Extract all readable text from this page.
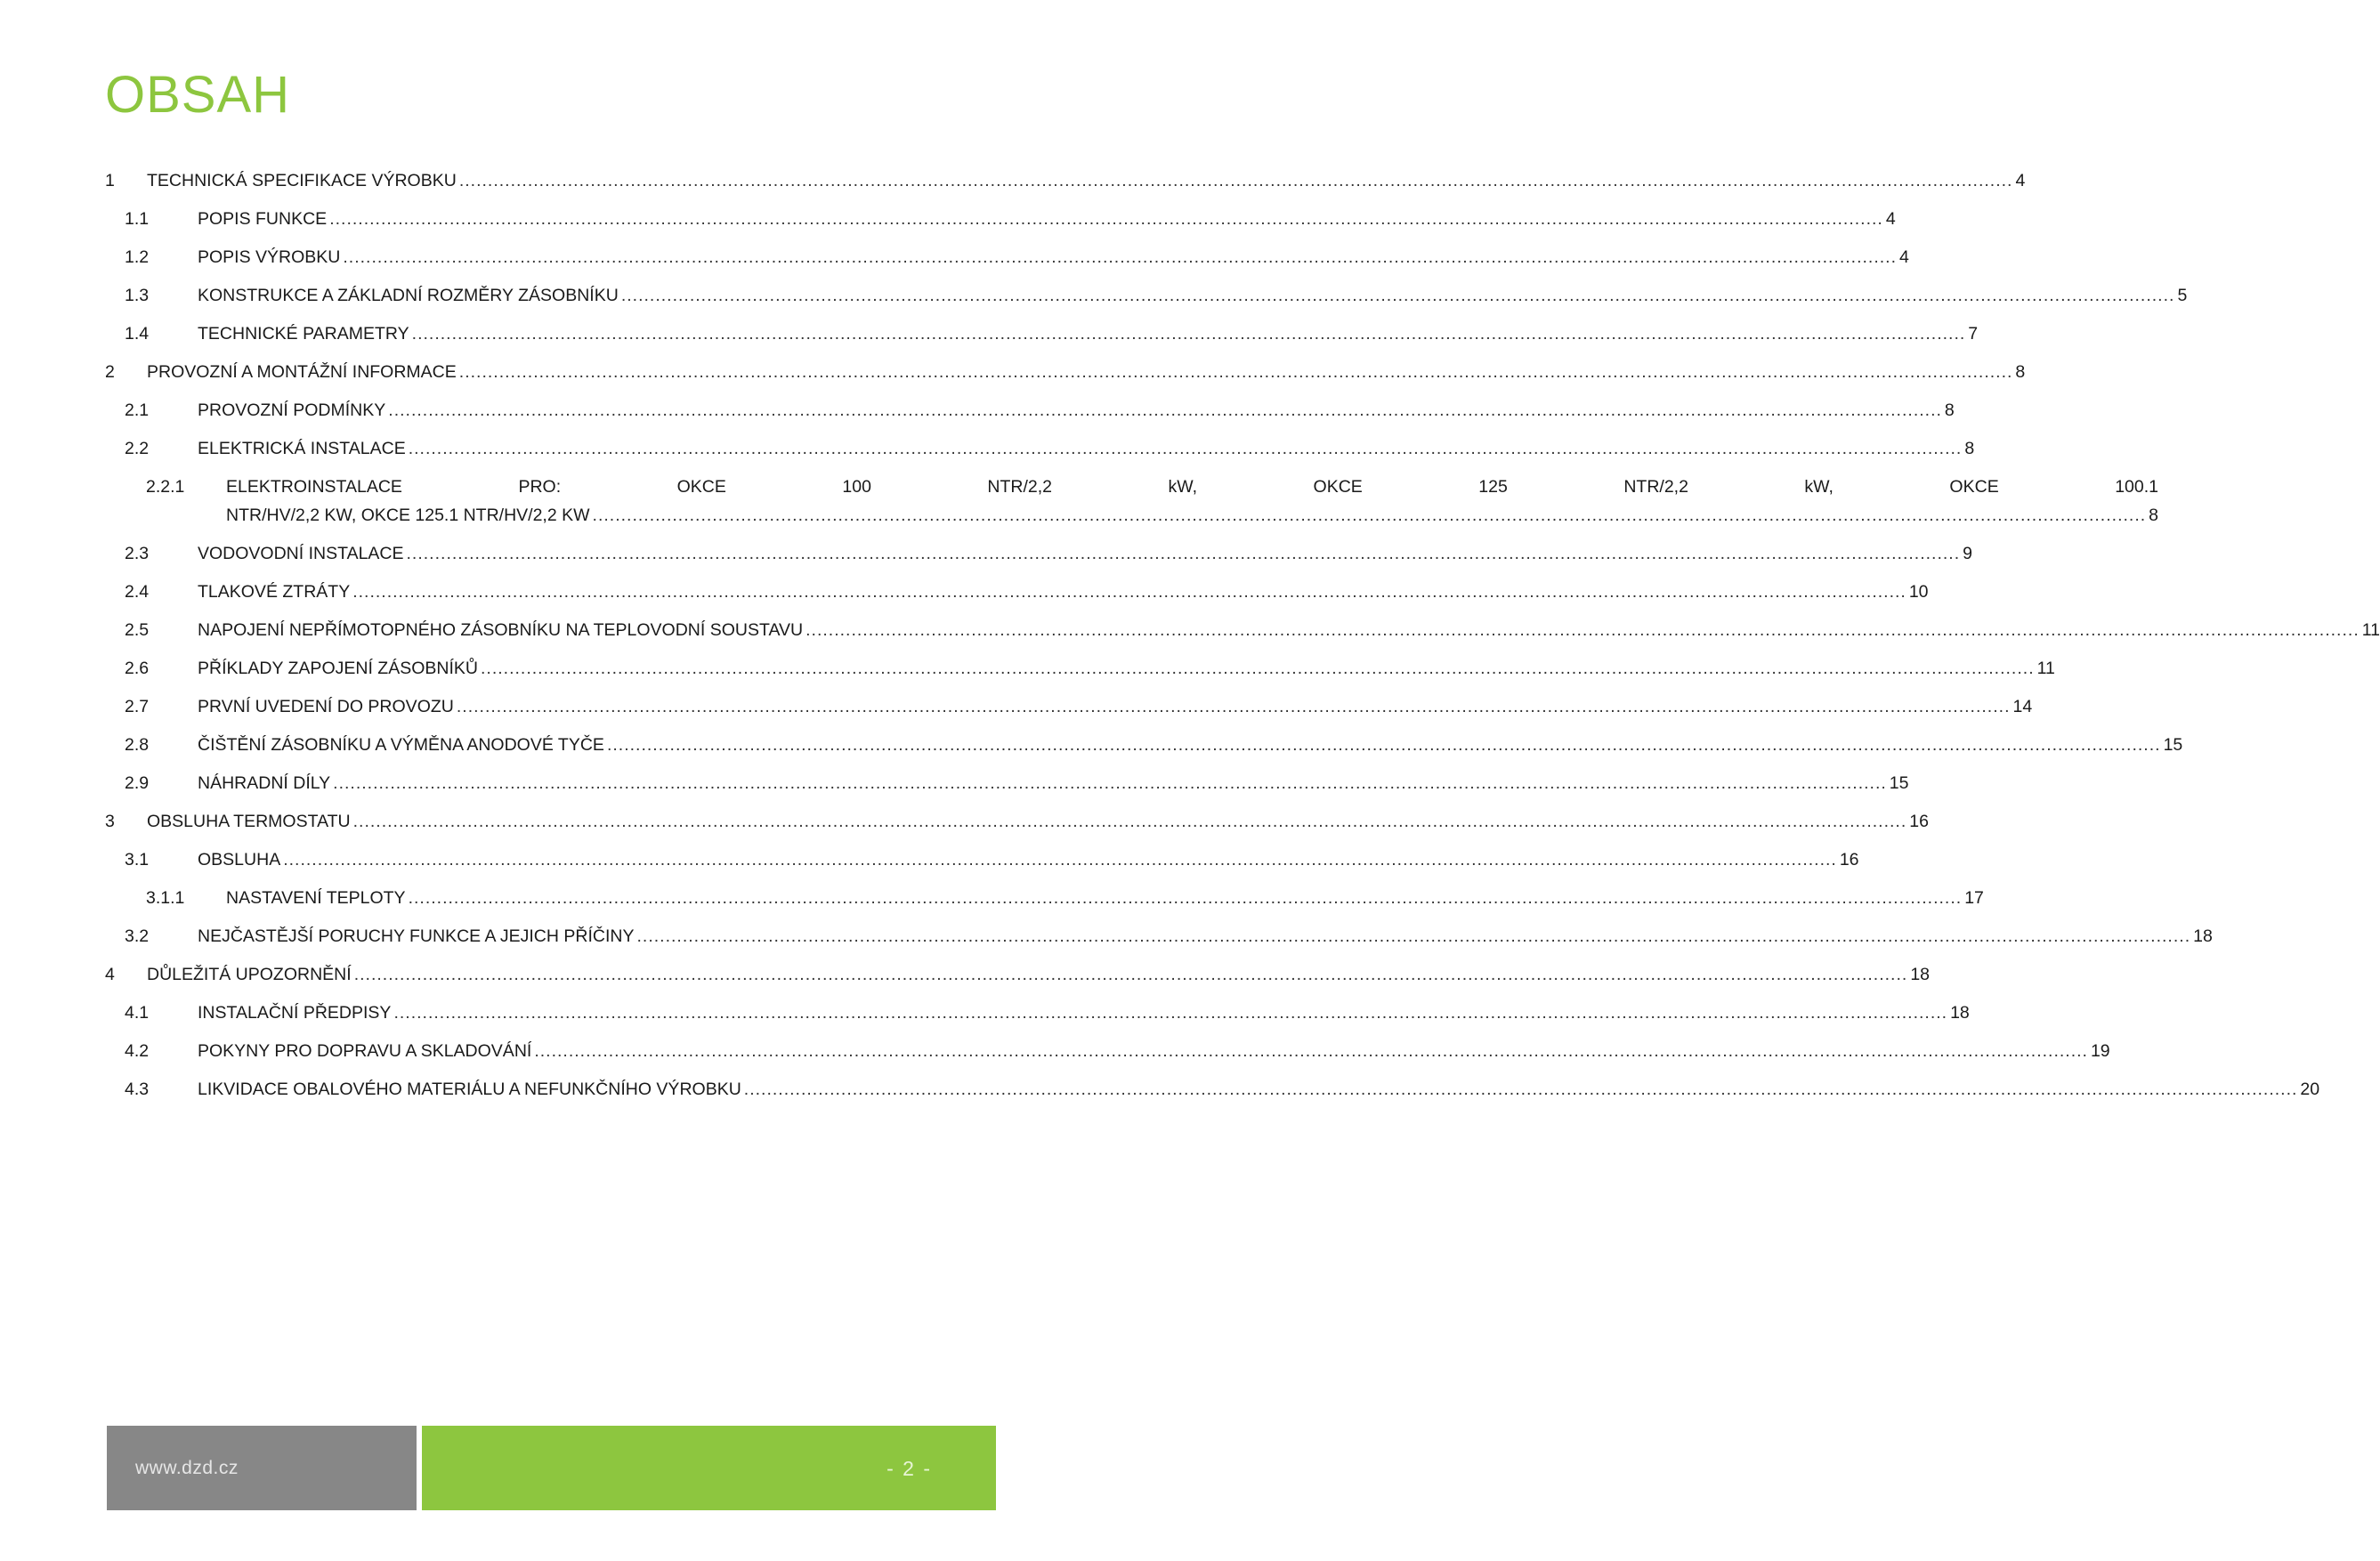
OBSAH
1	TECHNICKÁ SPECIFIKACE VÝROBKU .....	4
1.1	POPIS FUNKCE .....	4
1.2	POPIS VÝROBKU .....	4
1.3	KONSTRUKCE A ZÁKLADNÍ ROZMĚRY ZÁSOBNÍKU .....	5
1.4	TECHNICKÉ PARAMETRY .....	7
2	PROVOZNÍ A MONTÁŽNÍ INFORMACE .....	8
2.1	PROVOZNÍ PODMÍNKY .....	8
2.2	ELEKTRICKÁ INSTALACE .....	8
2.2.1	ELEKTROINSTALACE PRO: OKCE 100 NTR/2,2 kW, OKCE 125 NTR/2,2 kW, OKCE 100.1
NTR/HV/2,2 KW, OKCE 125.1 NTR/HV/2,2 KW .....	8
2.3	VODOVODNÍ INSTALACE .....	9
2.4	TLAKOVÉ ZTRÁTY .....	10
2.5	NAPOJENÍ NEPŘÍMOTOPNÉHO ZÁSOBNÍKU NA TEPLOVODNÍ SOUSTAVU .....	11
2.6	PŘÍKLADY ZAPOJENÍ ZÁSOBNÍKŮ .....	11
2.7	PRVNÍ UVEDENÍ DO PROVOZU .....	14
2.8	ČIŠTĚNÍ ZÁSOBNÍKU A VÝMĚNA ANODOVÉ TYČE .....	15
2.9	NÁHRADNÍ DÍLY .....	15
3	OBSLUHA TERMOSTATU .....	16
3.1	OBSLUHA .....	16
3.1.1	NASTAVENÍ TEPLOTY .....	17
3.2	NEJČASTĚJŠÍ PORUCHY FUNKCE A JEJICH PŘÍČINY .....	18
4	DŮLEŽITÁ UPOZORNĚNÍ .....	18
4.1	INSTALAČNÍ PŘEDPISY .....	18
4.2	POKYNY PRO DOPRAVU A SKLADOVÁNÍ .....	19
4.3	LIKVIDACE OBALOVÉHO MATERIÁLU A NEFUNKČNÍHO VÝROBKU .....	20
www.dzd.cz	- 2 -
